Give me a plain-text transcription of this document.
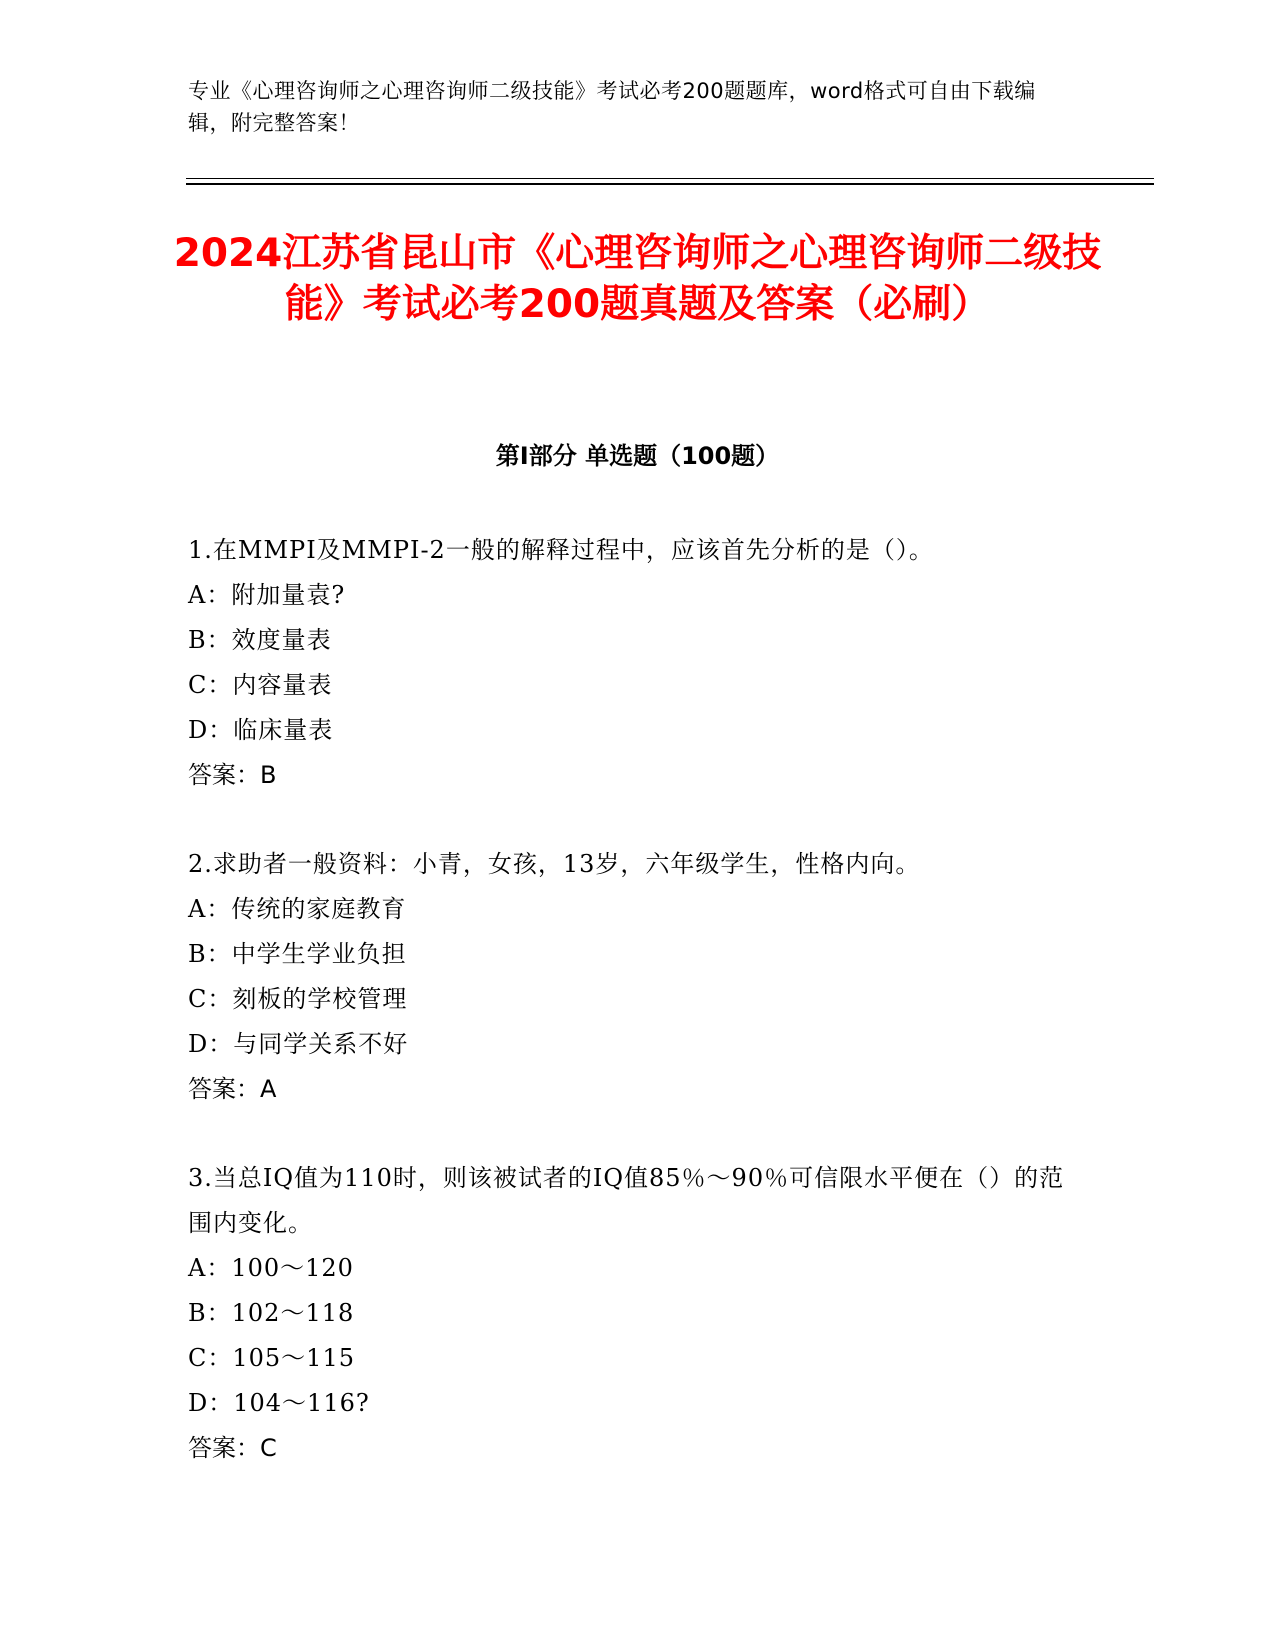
专业《心理咨询师之心理咨询师二级技能》考试必考200题题库，word格式可自由下载编辑，附完整答案！
2024江苏省昆山市《心理咨询师之心理咨询师二级技能》考试必考200题真题及答案（必刷）
第Ⅰ部分 单选题（100题）

1.在MMPI及MMPI-2一般的解释过程中，应该首先分析的是（）。

A：附加量袁?

B：效度量表

C：内容量表

D：临床量表

答案：B

2.求助者一般资料：小青，女孩，13岁，六年级学生，性格内向。

A：传统的家庭教育

B：中学生学业负担

C：刻板的学校管理

D：与同学关系不好

答案：A

3.当总IQ值为110时，则该被试者的IQ值85％～90％可信限水平便在（）的范围内变化。

A：100～120

B：102～118

C：105～115

D：104～116?

答案：C
